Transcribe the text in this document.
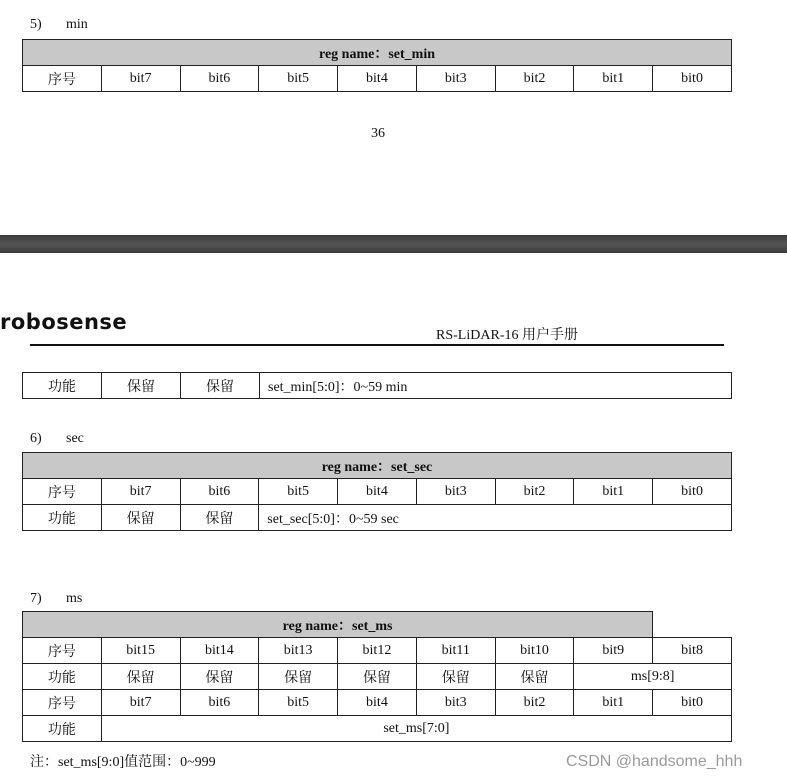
5) min
reg name：set_min
序号	bit7	bit6	bit5	bit4	bit3	bit2	bit1	bit0
36
robosense
RS-LiDAR-16 用户手册
功能	保留	保留	set_min[5:0]：0~59 min
6) sec
reg name：set_sec								
序号	bit7	bit6	bit5	bit4	bit3	bit2	bit1	bit0
功能	保留	保留	set_sec[5:0]：0~59 sec					
7) ms
reg name：set_ms								
序号	bit15	bit14	bit13	bit12	bit11	bit10	bit9	bit8
功能	保留	保留	保留	保留	保留	保留	ms[9:8]	
序号	bit7	bit6	bit5	bit4	bit3	bit2	bit1	bit0
功能	set_ms[7:0]							
注：set_ms[9:0]值范围：0~999	CSDN @handsome_hhh
